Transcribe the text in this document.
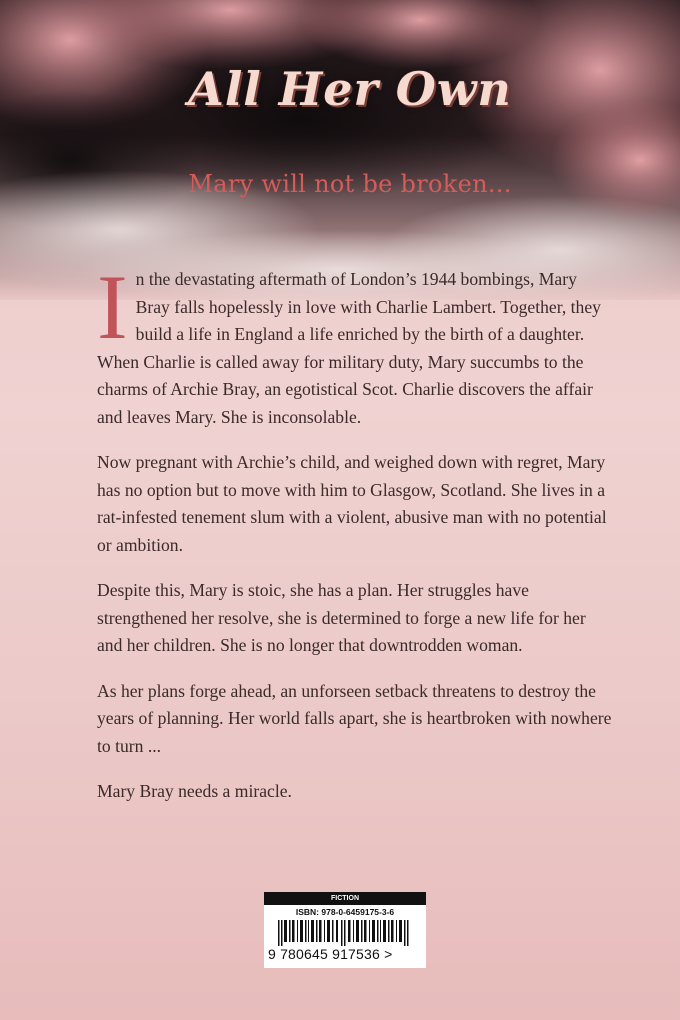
All Her Own
Mary will not be broken...

In the devastating aftermath of London’s 1944 bombings, Mary Bray falls hopelessly in love with Charlie Lambert. Together, they build a life in England a life enriched by the birth of a daughter. When Charlie is called away for military duty, Mary succumbs to the charms of Archie Bray, an egotistical Scot. Charlie discovers the affair and leaves Mary. She is inconsolable.

Now pregnant with Archie’s child, and weighed down with regret, Mary has no option but to move with him to Glasgow, Scotland. She lives in a rat-infested tenement slum with a violent, abusive man with no potential or ambition.

Despite this, Mary is stoic, she has a plan. Her struggles have strengthened her resolve, she is determined to forge a new life for her and her children. She is no longer that downtrodden woman.

As her plans forge ahead, an unforseen setback threatens to destroy the years of planning. Her world falls apart, she is heartbroken with nowhere to turn ...

Mary Bray needs a miracle.

FICTION
ISBN: 978-0-6459175-3-6
9 780645 917536 >
